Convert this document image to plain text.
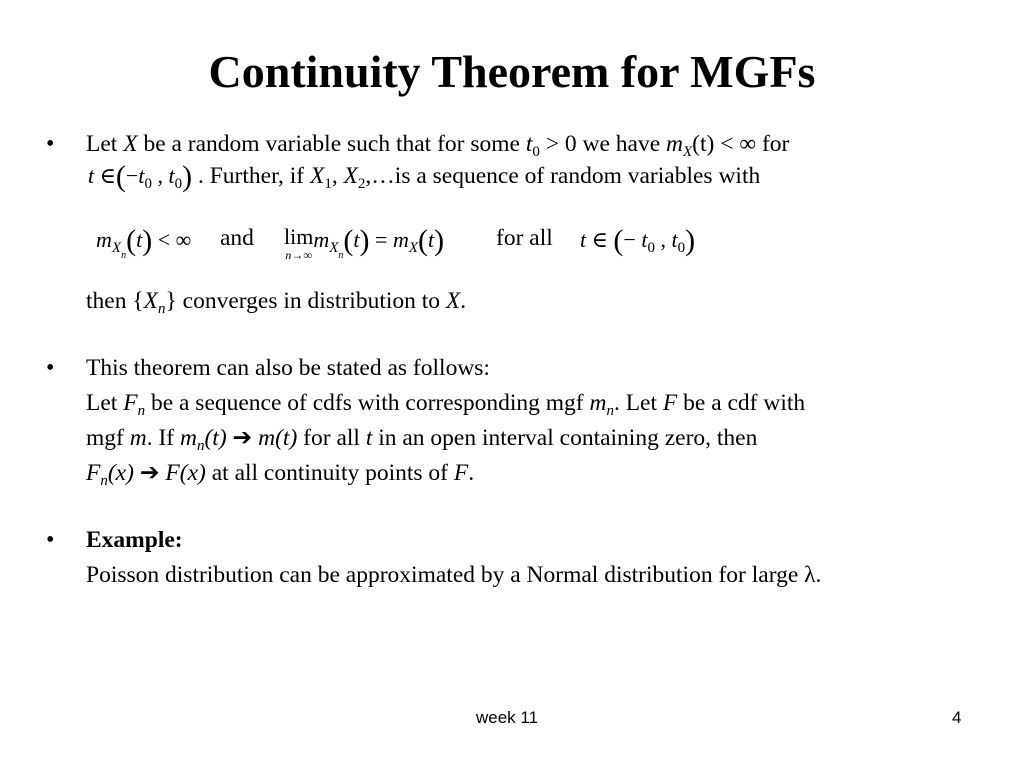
Continuity Theorem for MGFs
• Let X be a random variable such that for some $t_0 > 0$ we have $m_X(t)$ < ∞ for
t $\in(-t_0$ , $t_0$) . Further, if $X_1$, $X_2,\dots is$ a sequence of random variables with
$m_{X_n}(t)$ < ∞ and lim
n→∞
$m_{X_n}(t) = m_X(t)$ for all t ∈ (− $t_0$ , $t_0$)
then $\{X_n\}$ converges in distribution to X.
• This theorem can also be stated as follows:
Let $F_n$ be a sequence of cdfs with corresponding mgf $m_n$. Let F be a cdf with
mgf m. If $m_n(t)$ ➔ m(t) for all t in an open interval containing zero, then
$F_n(x)$ ➔ F(x) at all continuity points of F.
• Example:
Poisson distribution can be approximated by a Normal distribution for large λ.
week 11	4
